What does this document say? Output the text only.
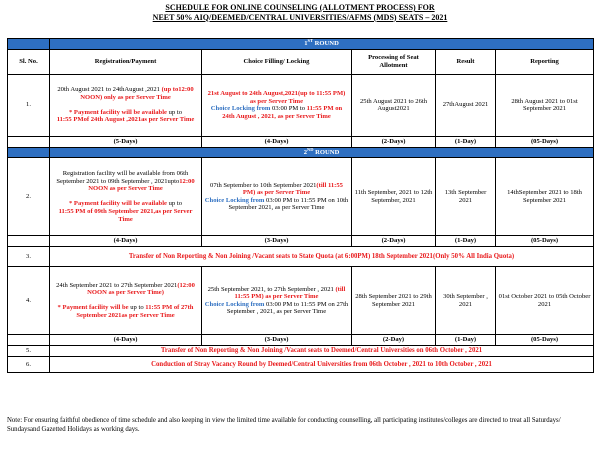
SCHEDULE FOR ONLINE COUNSELING (ALLOTMENT PROCESS) FOR
NEET 50% AIQ/DEEMED/CENTRAL UNIVERSITIES/AFMS (MDS) SEATS – 2021
	1ST ROUND				
Sl. No.	Registration/Payment	Choice Filling/ Locking	Processing of Seat Allotment	Result	Reporting
1.	20th August 2021 to 24thAugust ,2021 (up to12:00 NOON) only as per Server Time

* Payment facility will be available up to
11:55 PMof 24th August ,2021as per Server Time	21st August to 24th August,2021(up to 11:55 PM) as per Server Time
Choice Locking from 03:00 PM to 11:55 PM on 24th August , 2021, as per Server Time	25th August 2021 to 26th August2021	27thAugust 2021	28th August 2021 to 01st September 2021
	(5-Days)	(4-Days)	(2-Days)	(1-Day)	(05-Days)
	2ND ROUND				
2.	Registration facility will be available from 06th September 2021 to 09th September , 2021upto12:00 NOON as per Server Time

* Payment facility will be available up to
11:55 PM of 09th September 2021,as per Server Time	07th September to 10th September 2021(till 11:55 PM) as per Server Time
Choice Locking from 03:00 PM to 11:55 PM on 10th September 2021, as per Server Time	11th September, 2021 to 12th September, 2021	13th September 2021	14thSeptember 2021 to 18th September 2021
	(4-Days)	(3-Days)	(2-Days)	(1-Day)	(05-Days)
3.	Transfer of Non Reporting & Non Joining /Vacant seats to State Quota (at 6:00PM) 18th September 2021(Only 50% All India Quota)				
4.	24th September 2021 to 27th September 2021(12:00 NOON as per Server Time)

* Payment facility will be up to 11:55 PM of 27th September 2021as per Server Time	25th September 2021, to 27th September , 2021 (till 11:55 PM) as per Server Time
Choice Locking from 03:00 PM to 11:55 PM on 27th September , 2021, as per Server Time	28th September 2021 to 29th September 2021	30th September , 2021	01st October 2021 to 05th October 2021
	(4-Days)	(3-Days)	(2-Day)	(1-Day)	(05-Days)
5.	Transfer of Non Reporting & Non Joining /Vacant seats to Deemed/Central Universities on 06th October , 2021				
6.	Conduction of Stray Vacancy Round by Deemed/Central Universities from 06th October , 2021 to 10th October , 2021				
Note: For ensuring faithful obedience of time schedule and also keeping in view the limited time available for conducting counselling, all participating institutes/colleges are directed to treat all Saturdays/ Sundaysand Gazetted Holidays as working days.
